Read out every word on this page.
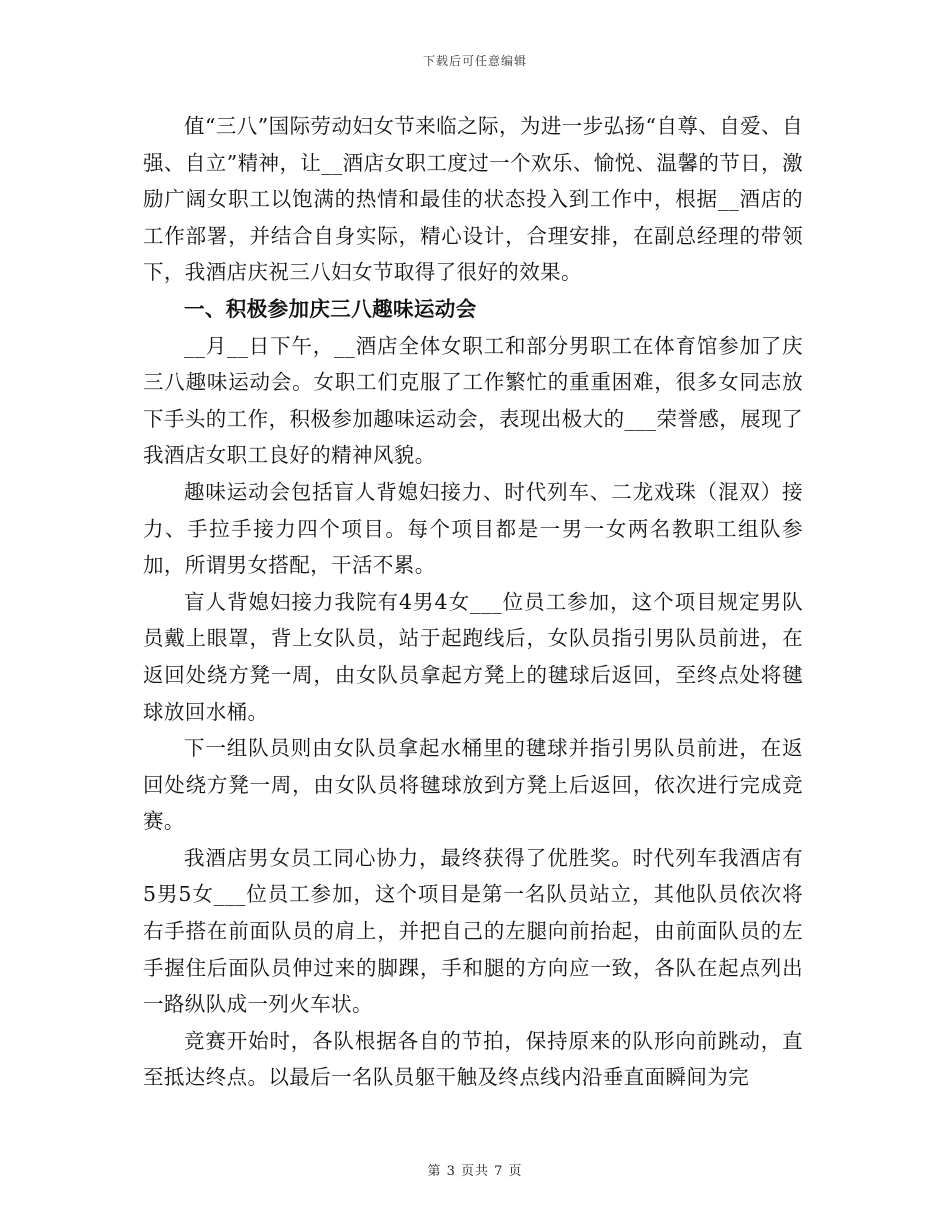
下载后可任意编辑

值“三八”国际劳动妇女节来临之际，为进一步弘扬“自尊、自爱、自强、自立”精神，让__酒店女职工度过一个欢乐、愉悦、温馨的节日，激励广阔女职工以饱满的热情和最佳的状态投入到工作中，根据__酒店的工作部署，并结合自身实际，精心设计，合理安排，在副总经理的带领下，我酒店庆祝三八妇女节取得了很好的效果。

一、积极参加庆三八趣味运动会

__月__日下午，__酒店全体女职工和部分男职工在体育馆参加了庆三八趣味运动会。女职工们克服了工作繁忙的重重困难，很多女同志放下手头的工作，积极参加趣味运动会，表现出极大的___荣誉感，展现了我酒店女职工良好的精神风貌。

趣味运动会包括盲人背媳妇接力、时代列车、二龙戏珠（混双）接力、手拉手接力四个项目。每个项目都是一男一女两名教职工组队参加，所谓男女搭配，干活不累。

盲人背媳妇接力我院有4男4女___位员工参加，这个项目规定男队员戴上眼罩，背上女队员，站于起跑线后，女队员指引男队员前进，在返回处绕方凳一周，由女队员拿起方凳上的毽球后返回，至终点处将毽球放回水桶。

下一组队员则由女队员拿起水桶里的毽球并指引男队员前进，在返回处绕方凳一周，由女队员将毽球放到方凳上后返回，依次进行完成竞赛。

我酒店男女员工同心协力，最终获得了优胜奖。时代列车我酒店有5男5女___位员工参加，这个项目是第一名队员站立，其他队员依次将右手搭在前面队员的肩上，并把自己的左腿向前抬起，由前面队员的左手握住后面队员伸过来的脚踝，手和腿的方向应一致，各队在起点列出一路纵队成一列火车状。

竞赛开始时，各队根据各自的节拍，保持原来的队形向前跳动，直至抵达终点。以最后一名队员躯干触及终点线内沿垂直面瞬间为完

第 3 页共 7 页
